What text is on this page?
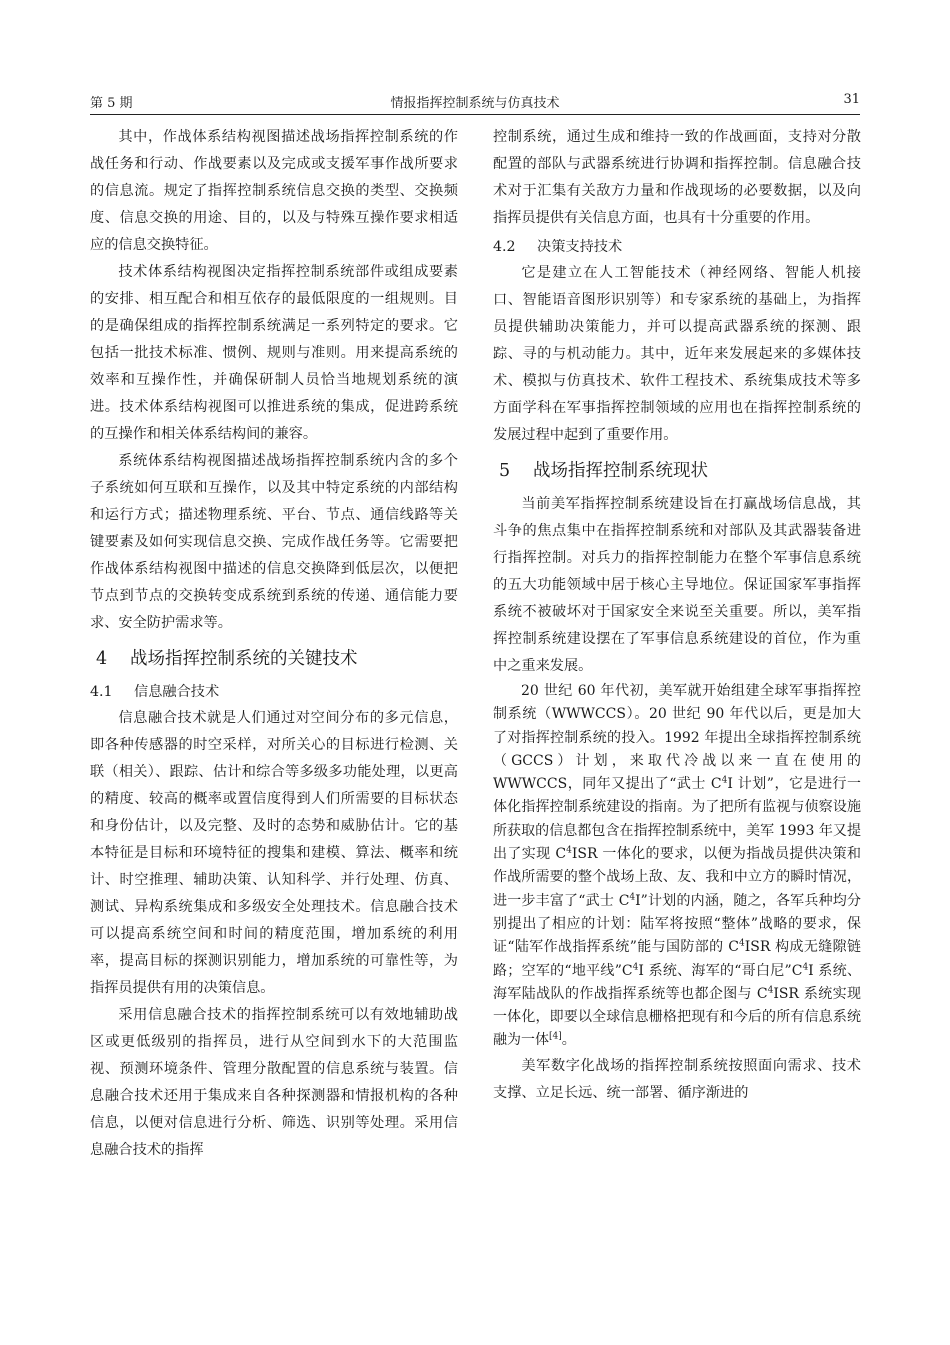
第 5 期	情报指挥控制系统与仿真技术	31

其中，作战体系结构视图描述战场指挥控制系统的作战任务和行动、作战要素以及完成或支援军事作战所要求的信息流。规定了指挥控制系统信息交换的类型、交换频度、信息交换的用途、目的，以及与特殊互操作要求相适应的信息交换特征。

技术体系结构视图决定指挥控制系统部件或组成要素的安排、相互配合和相互依存的最低限度的一组规则。目的是确保组成的指挥控制系统满足一系列特定的要求。它包括一批技术标准、惯例、规则与准则。用来提高系统的效率和互操作性，并确保研制人员恰当地规划系统的演进。技术体系结构视图可以推进系统的集成，促进跨系统的互操作和相关体系结构间的兼容。

系统体系结构视图描述战场指挥控制系统内含的多个子系统如何互联和互操作，以及其中特定系统的内部结构和运行方式；描述物理系统、平台、节点、通信线路等关键要素及如何实现信息交换、完成作战任务等。它需要把作战体系结构视图中描述的信息交换降到低层次，以便把节点到节点的交换转变成系统到系统的传递、通信能力要求、安全防护需求等。

4 战场指挥控制系统的关键技术
4.1 信息融合技术

信息融合技术就是人们通过对空间分布的多元信息，即各种传感器的时空采样，对所关心的目标进行检测、关联（相关）、跟踪、估计和综合等多级多功能处理，以更高的精度、较高的概率或置信度得到人们所需要的目标状态和身份估计，以及完整、及时的态势和威胁估计。它的基本特征是目标和环境特征的搜集和建模、算法、概率和统计、时空推理、辅助决策、认知科学、并行处理、仿真、测试、异构系统集成和多级安全处理技术。信息融合技术可以提高系统空间和时间的精度范围，增加系统的利用率，提高目标的探测识别能力，增加系统的可靠性等，为指挥员提供有用的决策信息。

采用信息融合技术的指挥控制系统可以有效地辅助战区或更低级别的指挥员，进行从空间到水下的大范围监视、预测环境条件、管理分散配置的信息系统与装置。信息融合技术还用于集成来自各种探测器和情报机构的各种信息，以便对信息进行分析、筛选、识别等处理。采用信息融合技术的指挥

控制系统，通过生成和维持一致的作战画面，支持对分散配置的部队与武器系统进行协调和指挥控制。信息融合技术对于汇集有关敌方力量和作战现场的必要数据，以及向指挥员提供有关信息方面，也具有十分重要的作用。

4.2 决策支持技术

它是建立在人工智能技术（神经网络、智能人机接口、智能语音图形识别等）和专家系统的基础上，为指挥员提供辅助决策能力，并可以提高武器系统的探测、跟踪、寻的与机动能力。其中，近年来发展起来的多媒体技术、模拟与仿真技术、软件工程技术、系统集成技术等多方面学科在军事指挥控制领域的应用也在指挥控制系统的发展过程中起到了重要作用。

5 战场指挥控制系统现状

当前美军指挥控制系统建设旨在打赢战场信息战，其斗争的焦点集中在指挥控制系统和对部队及其武器装备进行指挥控制。对兵力的指挥控制能力在整个军事信息系统的五大功能领域中居于核心主导地位。保证国家军事指挥系统不被破坏对于国家安全来说至关重要。所以，美军指挥控制系统建设摆在了军事信息系统建设的首位，作为重中之重来发展。

20 世纪 60 年代初，美军就开始组建全球军事指挥控制系统（WWWCCS）。20 世纪 90 年代以后，更是加大了对指挥控制系统的投入。1992 年提出全球指挥控制系统（GCCS）计划，来取代冷战以来一直在使用的 WWWCCS，同年又提出了“武士 $C^4I$ 计划”，它是进行一体化指挥控制系统建设的指南。为了把所有监视与侦察设施所获取的信息都包含在指挥控制系统中，美军 1993 年又提出了实现 $C^4ISR$ 一体化的要求，以便为指战员提供决策和作战所需要的整个战场上敌、友、我和中立方的瞬时情况，进一步丰富了“武士 $C^4I$”计划的内涵，随之，各军兵种均分别提出了相应的计划：陆军将按照“整体”战略的要求，保证“陆军作战指挥系统”能与国防部的 $C^4ISR$ 构成无缝隙链路；空军的“地平线$”C^4I$ 系统、海军的“哥白尼$”C^4I$ 系统、海军陆战队的作战指挥系统等也都企图与 $C^4ISR$ 系统实现一体化，即要以全球信息栅格把现有和今后的所有信息系统融为一体[4]。

美军数字化战场的指挥控制系统按照面向需求、技术支撑、立足长远、统一部署、循序渐进的
